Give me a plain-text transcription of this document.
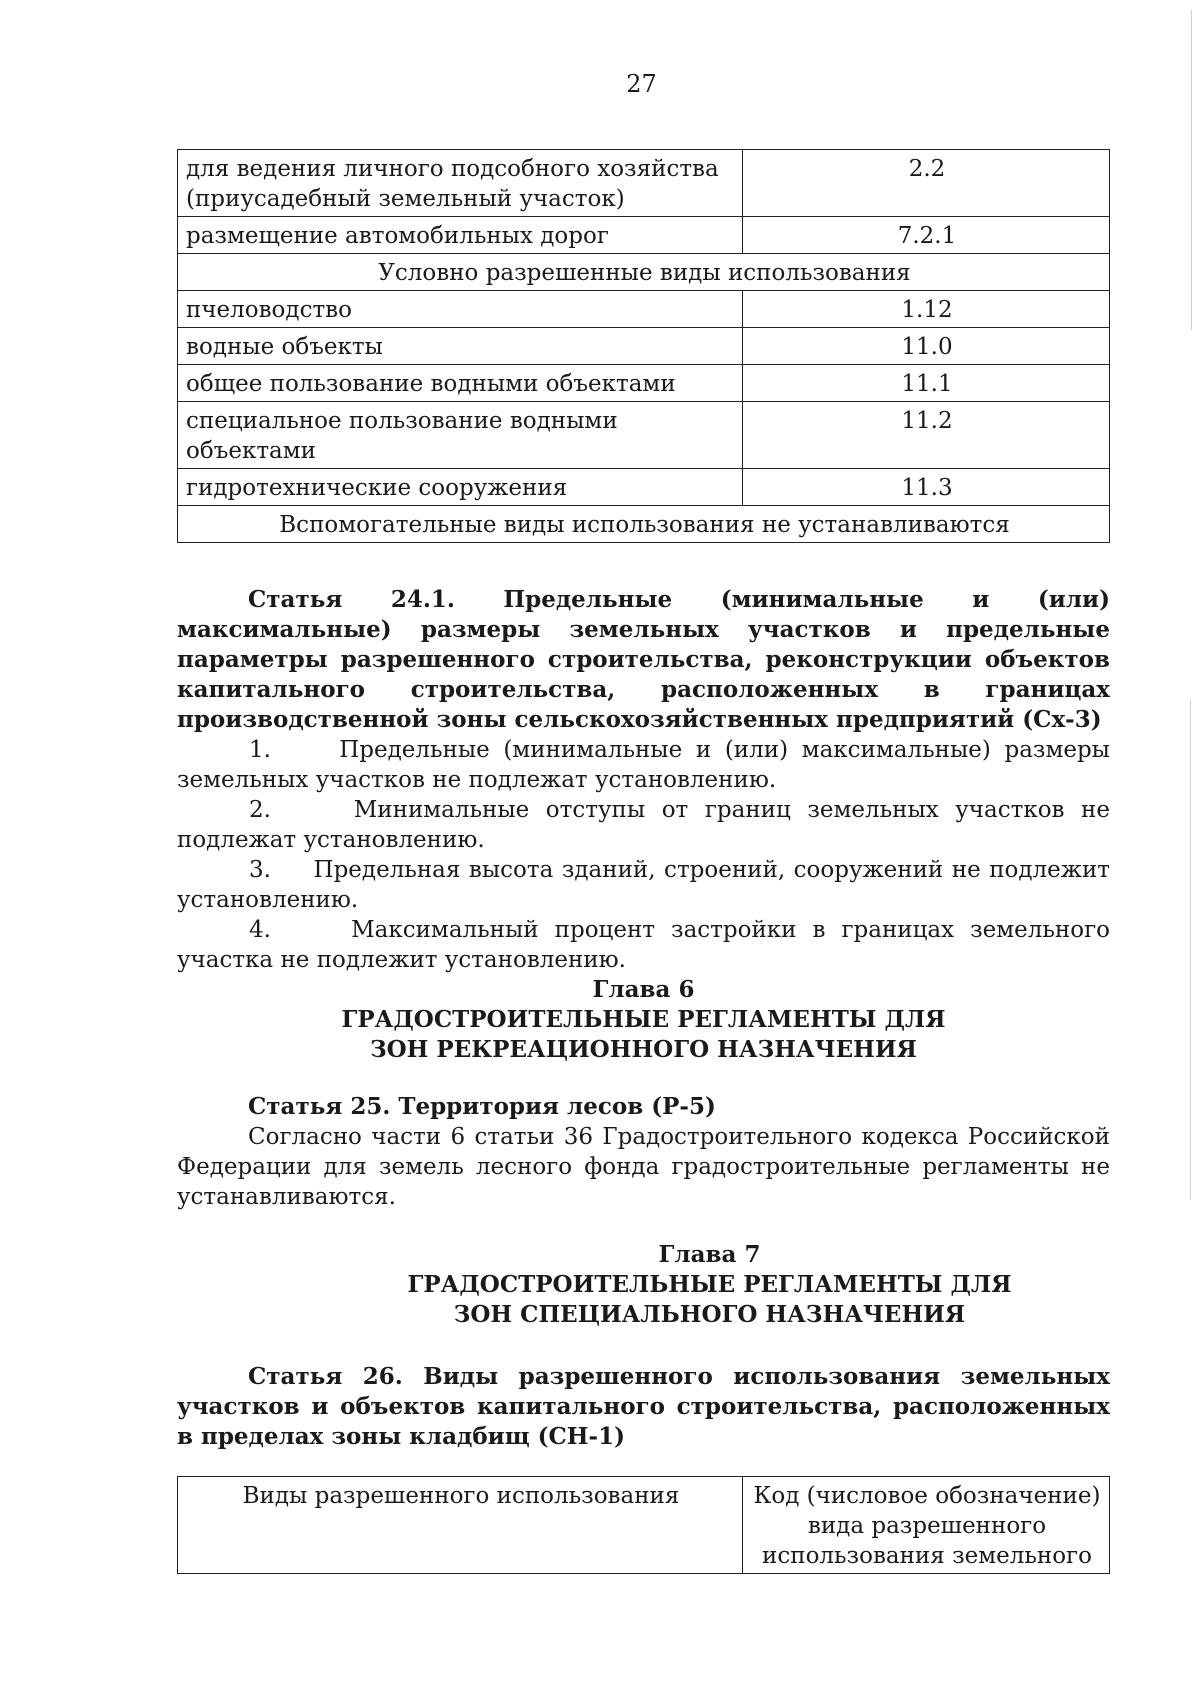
27
для ведения личного подсобного хозяйства (приусадебный земельный участок)	2.2
размещение автомобильных дорог	7.2.1
Условно разрешенные виды использования	
пчеловодство	1.12
водные объекты	11.0
общее пользование водными объектами	11.1
специальное пользование водными объектами	11.2
гидротехнические сооружения	11.3
Вспомогательные виды использования не устанавливаются	
Статья 24.1. Предельные (минимальные и (или) максимальные) размеры земельных участков и предельные параметры разрешенного строительства, реконструкции объектов капитального строительства, расположенных в границах производственной зоны сельскохозяйственных предприятий (Сх-3)
1.	Предельные (минимальные и (или) максимальные) размеры земельных участков не подлежат установлению.
2.	Минимальные отступы от границ земельных участков не подлежат установлению.
3. Предельная высота зданий, строений, сооружений не подлежит установлению.
4.	Максимальный процент застройки в границах земельного участка не подлежит установлению.
Глава 6
ГРАДОСТРОИТЕЛЬНЫЕ РЕГЛАМЕНТЫ ДЛЯ
ЗОН РЕКРЕАЦИОННОГО НАЗНАЧЕНИЯ
Статья 25. Территория лесов (Р-5)
Согласно части 6 статьи 36 Градостроительного кодекса Российской Федерации для земель лесного фонда градостроительные регламенты не устанавливаются.
Глава 7
ГРАДОСТРОИТЕЛЬНЫЕ РЕГЛАМЕНТЫ ДЛЯ
ЗОН СПЕЦИАЛЬНОГО НАЗНАЧЕНИЯ
Статья 26. Виды разрешенного использования земельных участков и объектов капитального строительства, расположенных в пределах зоны кладбищ (СН-1)
Виды разрешенного использования	Код (числовое обозначение) вида разрешенного использования земельного
